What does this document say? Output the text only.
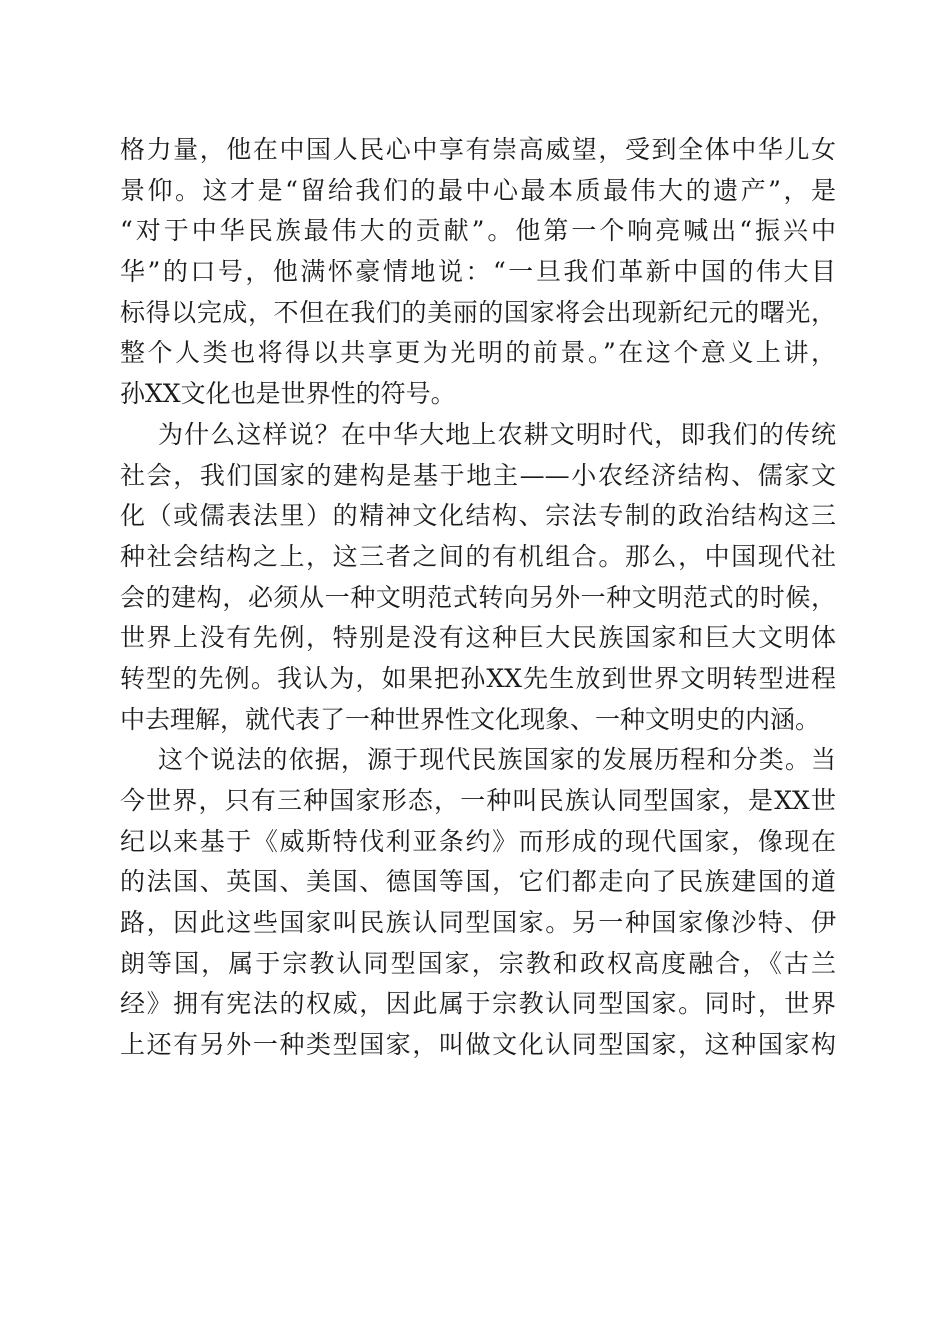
格力量，他在中国人民心中享有崇高威望，受到全体中华儿女
景仰。这才是“留给我们的最中心最本质最伟大的遗产”，是
“对于中华民族最伟大的贡献”。他第一个响亮喊出“振兴中
华”的口号，他满怀豪情地说：“一旦我们革新中国的伟大目
标得以完成，不但在我们的美丽的国家将会出现新纪元的曙光，
整个人类也将得以共享更为光明的前景。”在这个意义上讲，
孙XX文化也是世界性的符号。
为什么这样说？在中华大地上农耕文明时代，即我们的传统
社会，我们国家的建构是基于地主——小农经济结构、儒家文
化（或儒表法里）的精神文化结构、宗法专制的政治结构这三
种社会结构之上，这三者之间的有机组合。那么，中国现代社
会的建构，必须从一种文明范式转向另外一种文明范式的时候，
世界上没有先例，特别是没有这种巨大民族国家和巨大文明体
转型的先例。我认为，如果把孙XX先生放到世界文明转型进程
中去理解，就代表了一种世界性文化现象、一种文明史的内涵。
这个说法的依据，源于现代民族国家的发展历程和分类。当
今世界，只有三种国家形态，一种叫民族认同型国家，是XX世
纪以来基于《威斯特伐利亚条约》而形成的现代国家，像现在
的法国、英国、美国、德国等国，它们都走向了民族建国的道
路，因此这些国家叫民族认同型国家。另一种国家像沙特、伊
朗等国，属于宗教认同型国家，宗教和政权高度融合，《古兰
经》拥有宪法的权威，因此属于宗教认同型国家。同时，世界
上还有另外一种类型国家，叫做文化认同型国家，这种国家构
